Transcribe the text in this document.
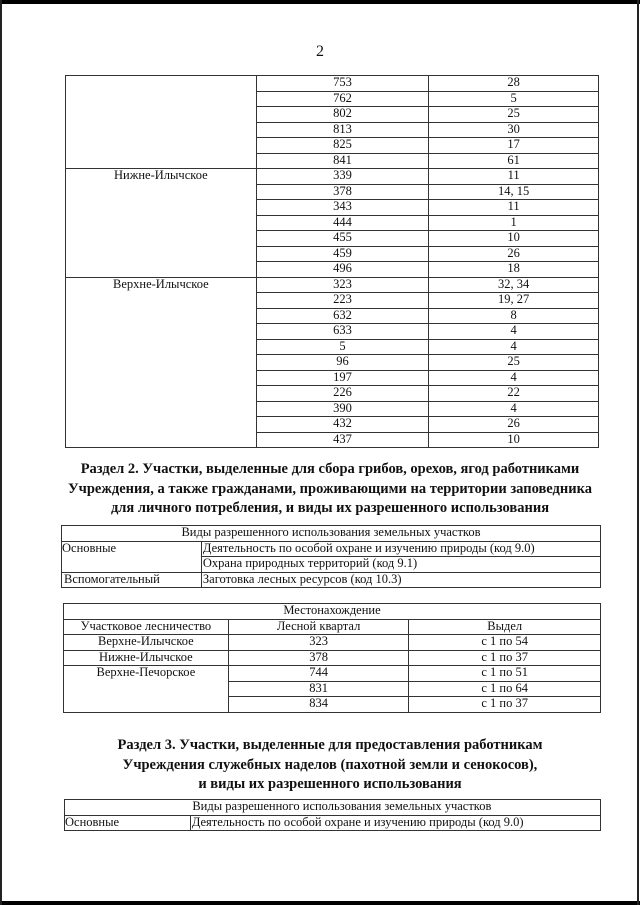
2
	753	28
	762	5
	802	25
	813	30
	825	17
	841	61
Нижне-Илычское	339	11
	378	14, 15
	343	11
	444	1
	455	10
	459	26
	496	18
Верхне-Илычское	323	32, 34
	223	19, 27
	632	8
	633	4
	5	4
	96	25
	197	4
	226	22
	390	4
	432	26
	437	10
Раздел 2. Участки, выделенные для сбора грибов, орехов, ягод работниками
Учреждения, а также гражданами, проживающими на территории заповедника
для личного потребления, и виды их разрешенного использования
Виды разрешенного использования земельных участков	
Основные	Деятельность по особой охране и изучению природы (код 9.0)
	Охрана природных территорий (код 9.1)
Вспомогательный	Заготовка лесных ресурсов (код 10.3)
Местонахождение		
Участковое лесничество	Лесной квартал	Выдел
Верхне-Илычское	323	с 1 по 54
Нижне-Илычское	378	с 1 по 37
Верхне-Печорское	744	с 1 по 51
	831	с 1 по 64
	834	с 1 по 37
Раздел 3. Участки, выделенные для предоставления работникам
Учреждения служебных наделов (пахотной земли и сенокосов),
и виды их разрешенного использования
	Виды разрешенного использования земельных участков
Основные	Деятельность по особой охране и изучению природы (код 9.0)
